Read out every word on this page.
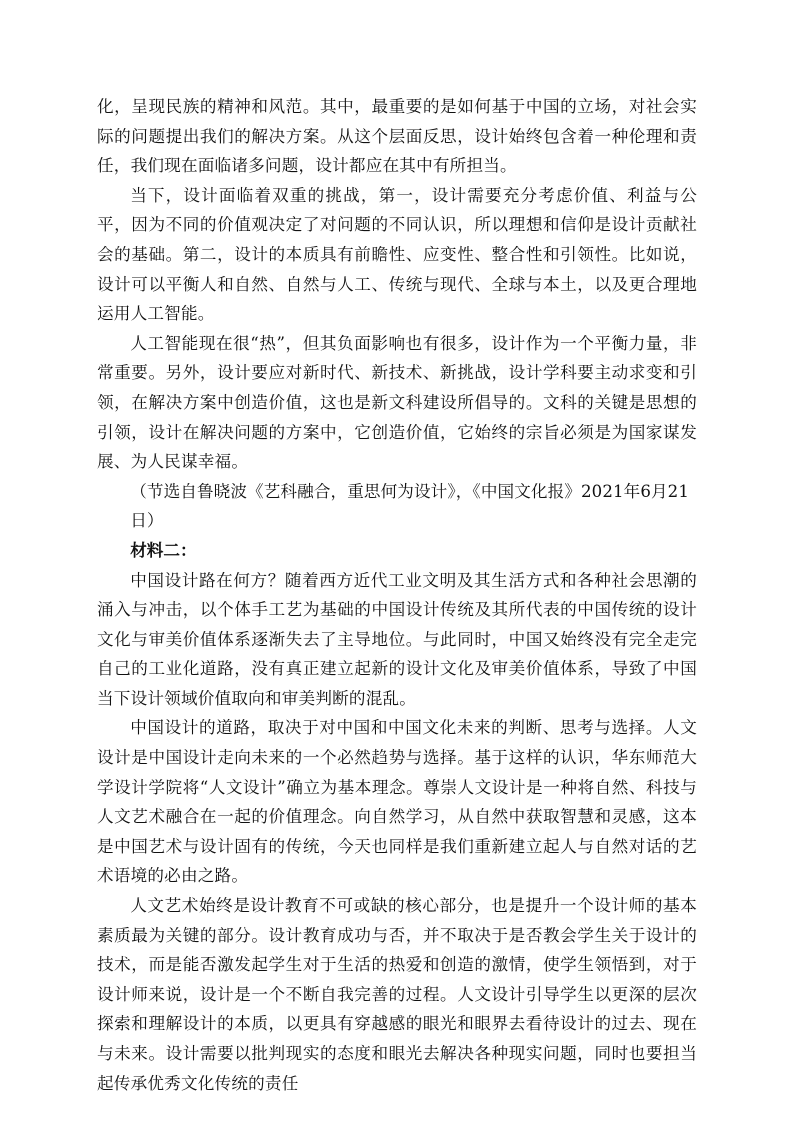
化，呈现民族的精神和风范。其中，最重要的是如何基于中国的立场，对社会实际的问题提出我们的解决方案。从这个层面反思，设计始终包含着一种伦理和责任，我们现在面临诸多问题，设计都应在其中有所担当。

当下，设计面临着双重的挑战，第一，设计需要充分考虑价值、利益与公平，因为不同的价值观决定了对问题的不同认识，所以理想和信仰是设计贡献社会的基础。第二，设计的本质具有前瞻性、应变性、整合性和引领性。比如说，设计可以平衡人和自然、自然与人工、传统与现代、全球与本土，以及更合理地运用人工智能。

人工智能现在很“热”，但其负面影响也有很多，设计作为一个平衡力量，非常重要。另外，设计要应对新时代、新技术、新挑战，设计学科要主动求变和引领，在解决方案中创造价值，这也是新文科建设所倡导的。文科的关键是思想的引领，设计在解决问题的方案中，它创造价值，它始终的宗旨必须是为国家谋发展、为人民谋幸福。

（节选自鲁晓波《艺科融合，重思何为设计》，《中国文化报》2021年6月21日）

材料二：

中国设计路在何方？随着西方近代工业文明及其生活方式和各种社会思潮的涌入与冲击，以个体手工艺为基础的中国设计传统及其所代表的中国传统的设计文化与审美价值体系逐渐失去了主导地位。与此同时，中国又始终没有完全走完自己的工业化道路，没有真正建立起新的设计文化及审美价值体系，导致了中国当下设计领域价值取向和审美判断的混乱。

中国设计的道路，取决于对中国和中国文化未来的判断、思考与选择。人文设计是中国设计走向未来的一个必然趋势与选择。基于这样的认识，华东师范大学设计学院将“人文设计”确立为基本理念。尊崇人文设计是一种将自然、科技与人文艺术融合在一起的价值理念。向自然学习，从自然中获取智慧和灵感，这本是中国艺术与设计固有的传统，今天也同样是我们重新建立起人与自然对话的艺术语境的必由之路。

人文艺术始终是设计教育不可或缺的核心部分，也是提升一个设计师的基本素质最为关键的部分。设计教育成功与否，并不取决于是否教会学生关于设计的技术，而是能否激发起学生对于生活的热爱和创造的激情，使学生领悟到，对于设计师来说，设计是一个不断自我完善的过程。人文设计引导学生以更深的层次探索和理解设计的本质，以更具有穿越感的眼光和眼界去看待设计的过去、现在与未来。设计需要以批判现实的态度和眼光去解决各种现实问题，同时也要担当起传承优秀文化传统的责任
